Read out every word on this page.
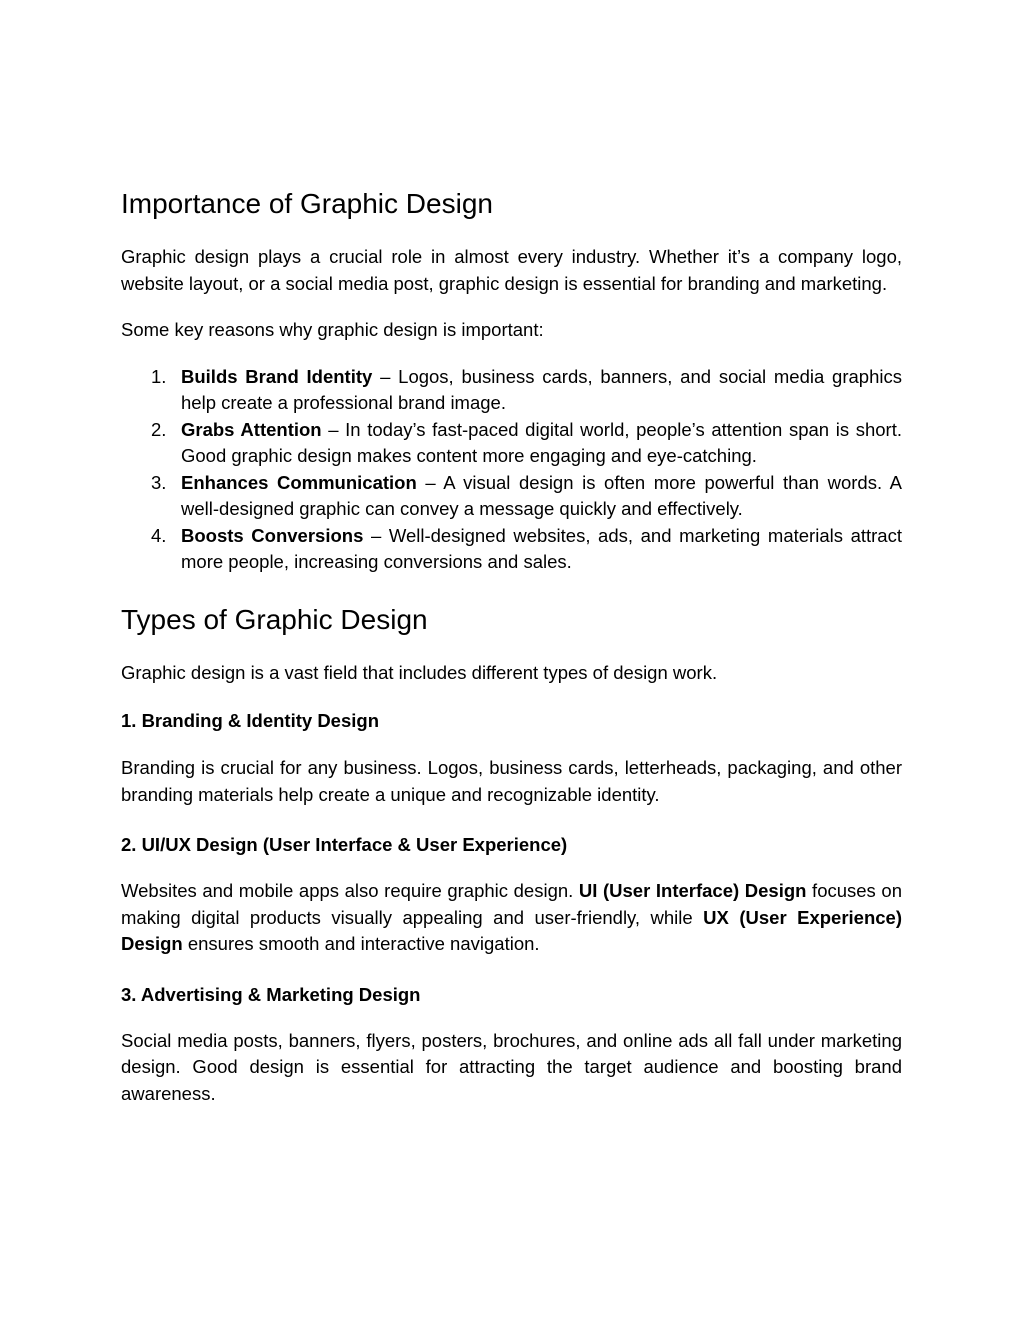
Importance of Graphic Design

Graphic design plays a crucial role in almost every industry. Whether it’s a company logo, website layout, or a social media post, graphic design is essential for branding and marketing.

Some key reasons why graphic design is important:

1. Builds Brand Identity – Logos, business cards, banners, and social media graphics help create a professional brand image.
2. Grabs Attention – In today’s fast-paced digital world, people’s attention span is short. Good graphic design makes content more engaging and eye-catching.
3. Enhances Communication – A visual design is often more powerful than words. A well-designed graphic can convey a message quickly and effectively.
4. Boosts Conversions – Well-designed websites, ads, and marketing materials attract more people, increasing conversions and sales.
Types of Graphic Design

Graphic design is a vast field that includes different types of design work.

1. Branding & Identity Design

Branding is crucial for any business. Logos, business cards, letterheads, packaging, and other branding materials help create a unique and recognizable identity.

2. UI/UX Design (User Interface & User Experience)

Websites and mobile apps also require graphic design. UI (User Interface) Design focuses on making digital products visually appealing and user-friendly, while UX (User Experience) Design ensures smooth and interactive navigation.

3. Advertising & Marketing Design

Social media posts, banners, flyers, posters, brochures, and online ads all fall under marketing design. Good design is essential for attracting the target audience and boosting brand awareness.
